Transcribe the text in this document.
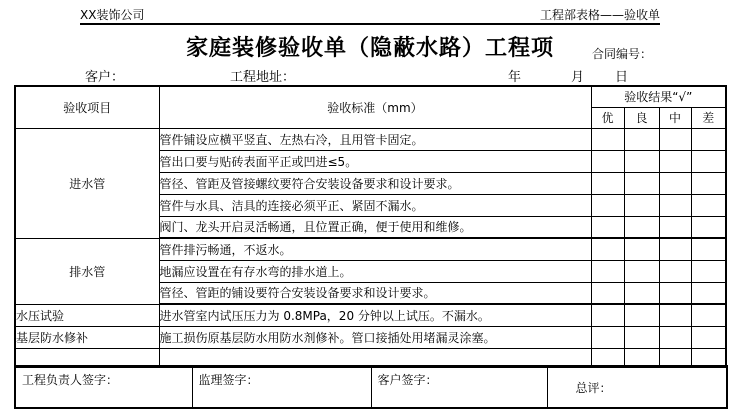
XX装饰公司	工程部表格——验收单
家庭装修验收单（隐蔽水路）工程项	合同编号：
客户：	工程地址：	年	月 日
验收项目	验收标准（mm）	验收结果“√”			
		优	良	中	差
进水管	管件铺设应横平竖直、左热右冷，且用管卡固定。				
	管出口要与贴砖表面平正或凹进≤5。				
	管径、管距及管接螺纹要符合安装设备要求和设计要求。				
	管件与水具、洁具的连接必须平正、紧固不漏水。				
	阀门、龙头开启灵活畅通，且位置正确，便于使用和维修。				
排水管	管件排污畅通，不返水。				
	地漏应设置在有存水弯的排水道上。				
	管径、管距的铺设要符合安装设备要求和设计要求。				
水压试验	进水管室内试压压力为 0.8MPa，20 分钟以上试压。不漏水。				
基层防水修补	施工损伤原基层防水用防水剂修补。管口接插处用堵漏灵涂塞。				

工程负责人签字：	监理签字：	客户签字：	总评：
